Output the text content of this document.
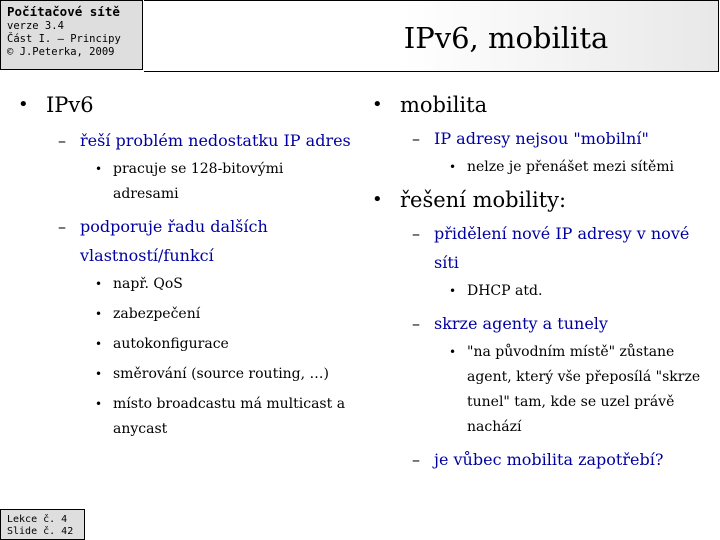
Počítačové sítě
verze 3.4
Část I. – Principy
© J.Peterka, 2009	IPv6, mobilita
• IPv6
– řeší problém nedostatku IP adres
• pracuje se 128-bitovými adresami
– podporuje řadu dalších vlastností/funkcí
• např. QoS
• zabezpečení
• autokonfigurace
• směrování (source routing, …)
• místo broadcastu má multicast a anycast
• mobilita
– IP adresy nejsou "mobilní"
• nelze je přenášet mezi sítěmi
• řešení mobility:
– přidělení nové IP adresy v nové síti
• DHCP atd.
– skrze agenty a tunely
• "na původním místě" zůstane agent, který vše přeposílá "skrze tunel" tam, kde se uzel právě nachází
– je vůbec mobilita zapotřebí?
Lekce č. 4
Slide č. 42
